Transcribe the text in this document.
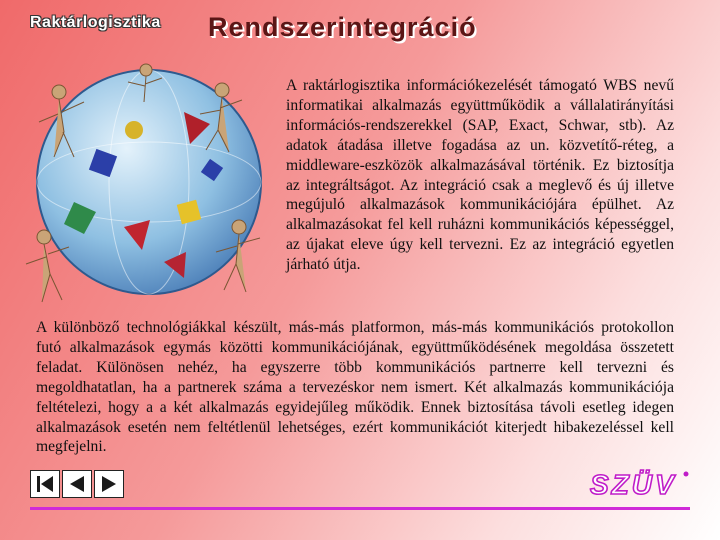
Raktárlogisztika Rendszerintegráció

A raktárlogisztika információkezelését támogató WBS nevű informatikai alkalmazás együttműködik a vállalatirányítási információs-rendszerekkel (SAP, Exact, Schwar, stb). Az adatok átadása illetve fogadása az un. közvetítő-réteg, a middleware-eszközök alkalmazásával történik. Ez biztosítja az integráltságot. Az integráció csak a meglevő és új illetve megújuló alkalmazások kommunikációjára épülhet. Az alkalmazásokat fel kell ruházni kommunikációs képességgel, az újakat eleve úgy kell tervezni. Ez az integráció egyetlen járható útja.

A különböző technológiákkal készült, más-más platformon, más-más kommunikációs protokollon futó alkalmazások egymás közötti kommunikációjának, együttműködésének megoldása összetett feladat. Különösen nehéz, ha egyszerre több kommunikációs partnerre kell tervezni és megoldhatatlan, ha a partnerek száma a tervezéskor nem ismert. Két alkalmazás kommunikációja feltételezi, hogy a a két alkalmazás egyidejűleg működik. Ennek biztosítása távoli esetleg idegen alkalmazások esetén nem feltétlenül lehetséges, ezért kommunikációt kiterjedt hibakezeléssel kell megfejelni.

SZÜV
